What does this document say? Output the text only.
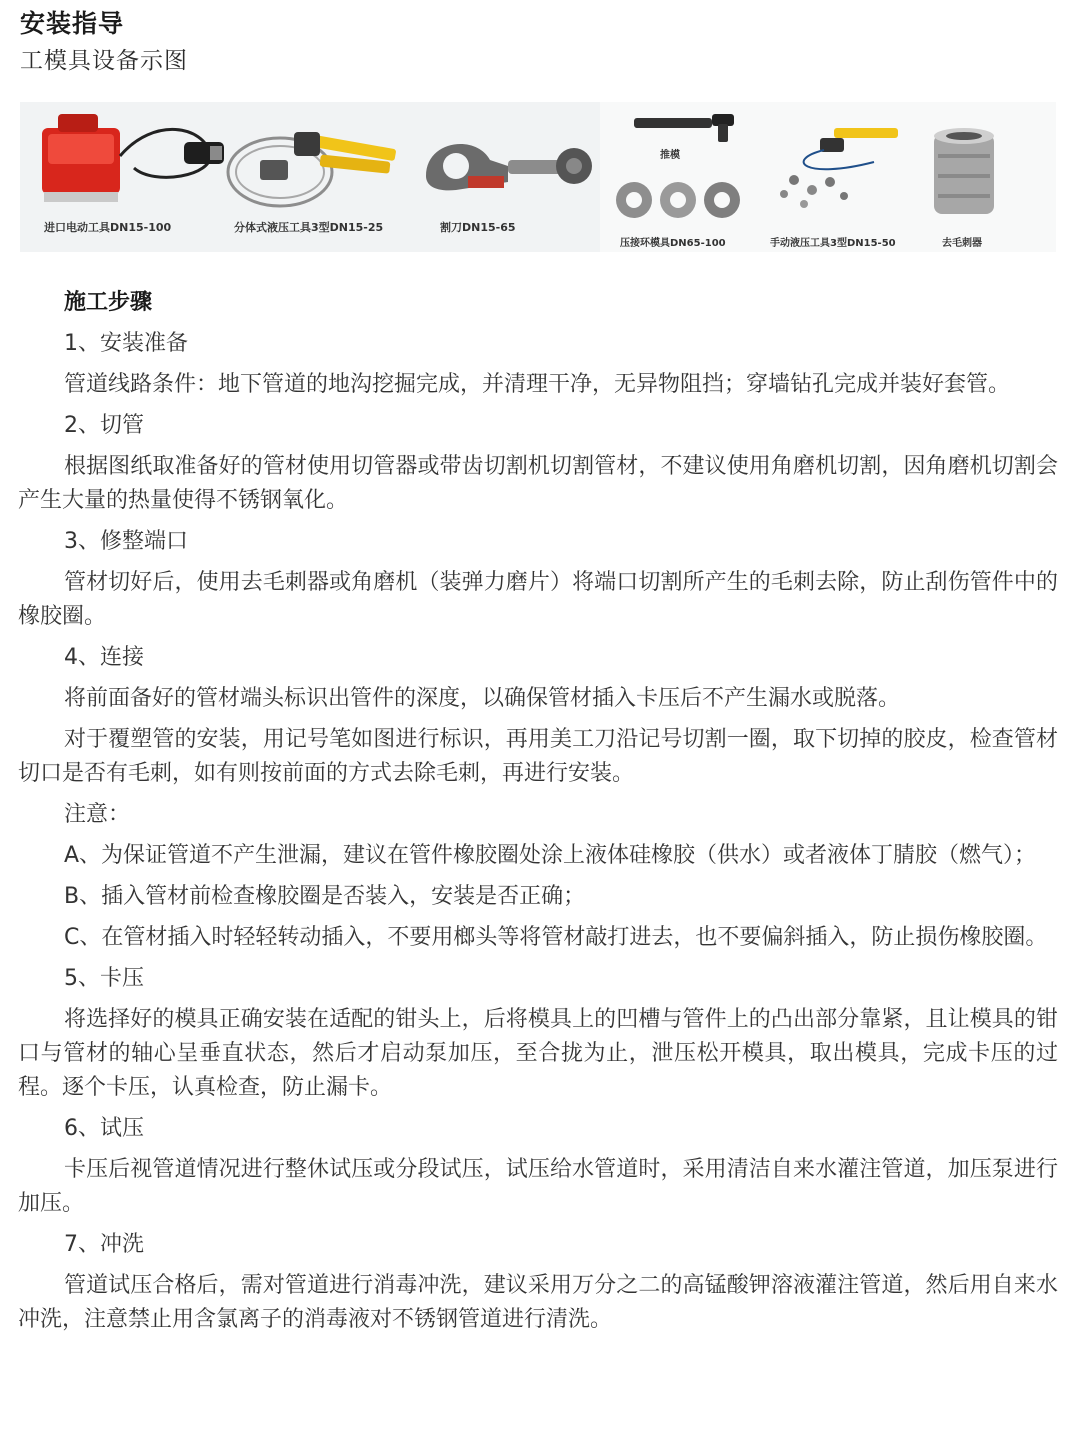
安装指导
工模具设备示图
进口电动工具DN15-100	分体式液压工具3型DN15-25	割刀DN15-65
推模
压接环模具DN65-100	手动液压工具3型DN15-50	去毛刺器

施工步骤

1、安装准备

管道线路条件：地下管道的地沟挖掘完成，并清理干净，无异物阻挡；穿墙钻孔完成并装好套管。

2、切管

根据图纸取准备好的管材使用切管器或带齿切割机切割管材，不建议使用角磨机切割，因角磨机切割会产生大量的热量使得不锈钢氧化。

3、修整端口

管材切好后，使用去毛刺器或角磨机（装弹力磨片）将端口切割所产生的毛刺去除，防止刮伤管件中的橡胶圈。

4、连接

将前面备好的管材端头标识出管件的深度，以确保管材插入卡压后不产生漏水或脱落。

对于覆塑管的安装，用记号笔如图进行标识，再用美工刀沿记号切割一圈，取下切掉的胶皮，检查管材切口是否有毛刺，如有则按前面的方式去除毛刺，再进行安装。

注意：

A、为保证管道不产生泄漏，建议在管件橡胶圈处涂上液体硅橡胶（供水）或者液体丁腈胶（燃气）；

B、插入管材前检查橡胶圈是否装入，安装是否正确；

C、在管材插入时轻轻转动插入，不要用榔头等将管材敲打进去，也不要偏斜插入，防止损伤橡胶圈。

5、卡压

将选择好的模具正确安装在适配的钳头上，后将模具上的凹槽与管件上的凸出部分靠紧，且让模具的钳口与管材的轴心呈垂直状态，然后才启动泵加压，至合拢为止，泄压松开模具，取出模具，完成卡压的过程。逐个卡压，认真检查，防止漏卡。

6、试压

卡压后视管道情况进行整休试压或分段试压，试压给水管道时，采用清洁自来水灌注管道，加压泵进行加压。

7、冲洗

管道试压合格后，需对管道进行消毒冲洗，建议采用万分之二的高锰酸钾溶液灌注管道，然后用自来水冲洗，注意禁止用含氯离子的消毒液对不锈钢管道进行清洗。
